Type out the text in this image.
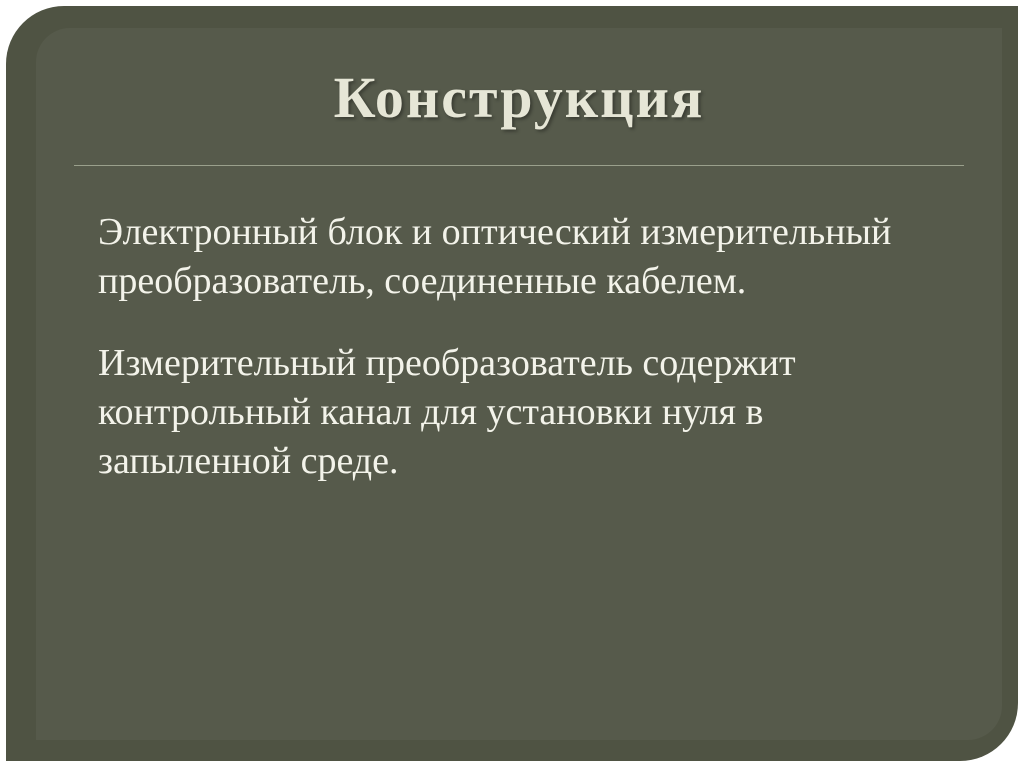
Конструкция

Электронный блок и оптический измерительный преобразователь, соединенные кабелем.

Измерительный преобразователь содержит контрольный канал для установки нуля в запыленной среде.
